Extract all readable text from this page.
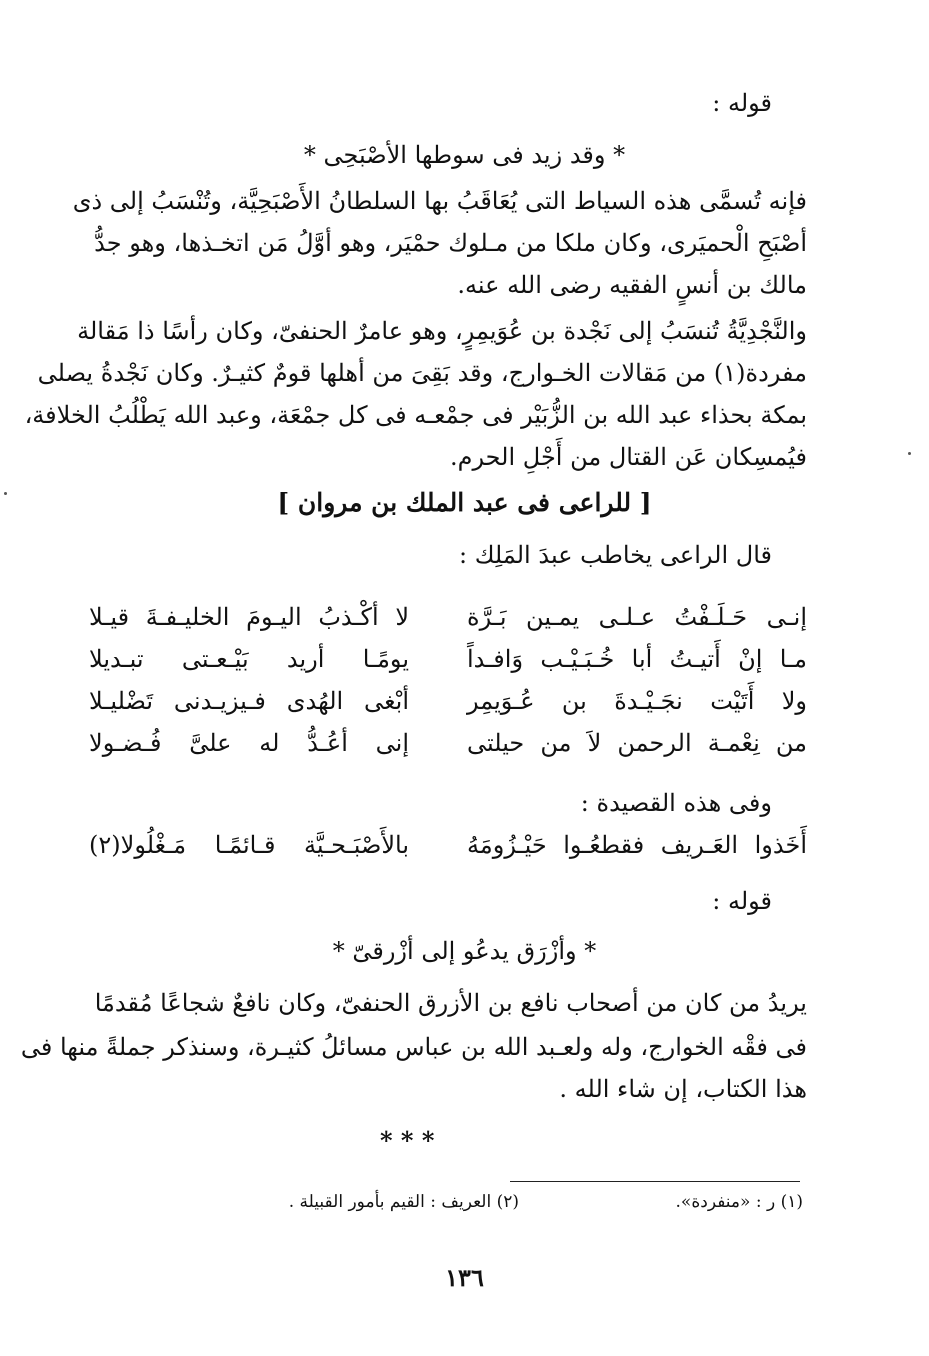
قوله :
* وقد زيد فى سوطها الأصْبَحِى *
فإنه تُسمَّى هذه السياط التى يُعَاقَبُ بها السلطانُ الأَصْبَحِيَّة، وتُنْسَبُ إلى ذى
أصْبَحِ الْحميَرى، وكان ملكا من مـلوك حمْيَر، وهو أوَّلُ مَن اتخـذها، وهو جدُّ
مالك بن أنسٍ الفقيه رضى الله عنه.
والنَّجْدِيَّةُ تُنسَبُ إلى نَجْدة بن عُوَيمِرٍ، وهو عامرٌ الحنفىّ، وكان رأسًا ذا مَقالة
مفردة(١) من مَقالات الخـوارج، وقد بَقِىَ من أهلها قومٌ كثيـرٌ. وكان نَجْدةُ يصلى
بمكة بحذاء عبد الله بن الزُّبَيْر فى جمْعـه فى كل جمْعَة، وعبد الله يَطْلُبُ الخلافة،
فيُمسِكان عَن القتال من أَجْلِ الحرم.
[ للراعى فى عبد الملك بن مروان ]
قال الراعى يخاطب عبدَ المَلِك :
إنـى حَـلَـفْتُ عـلـى يمـين بَـرَّة
لا أكْـذبُ اليـومَ الخليـفـةَ قيـلا
مـا إنْ أَتيـتُ أبا خُـبَـيْـب وَافـداً
يومًـا أريد بَيْـعـتى تبـديلا
ولا أَتَيْت نجَـيْـدةَ بن عُـوَيمِر
أبْغى الهُدى فـيزيـدنى تَضْليـلا
من نِعْمـة الرحمن لاَ من حيلتى
إنى أعُـدُّ له علىَّ فُـضـولا
وفى هذه القصيدة :
أَخَذوا العَـريف فقطعُـوا حَيْـزُومَهُ
بالأَصْبَـحـيَّة قـائمًـا مَـغْلُولا(٢)
قوله :
* وأزْرَق يدعُو إلى أزْرقىّ *
يريدُ من كان من أصحاب نافع بن الأزرق الحنفىّ، وكان نافعٌ شجاعًا مُقدمًا
فى فقْه الخوارج، وله ولعـبد الله بن عباس مسائلُ كثيـرة، وسنذكر جملةً منها فى
هذا الكتاب، إن شاء الله .
* * *
(١) ر : «منفردة».
(٢) العريف : القيم بأمور القبيلة .
١٣٦
